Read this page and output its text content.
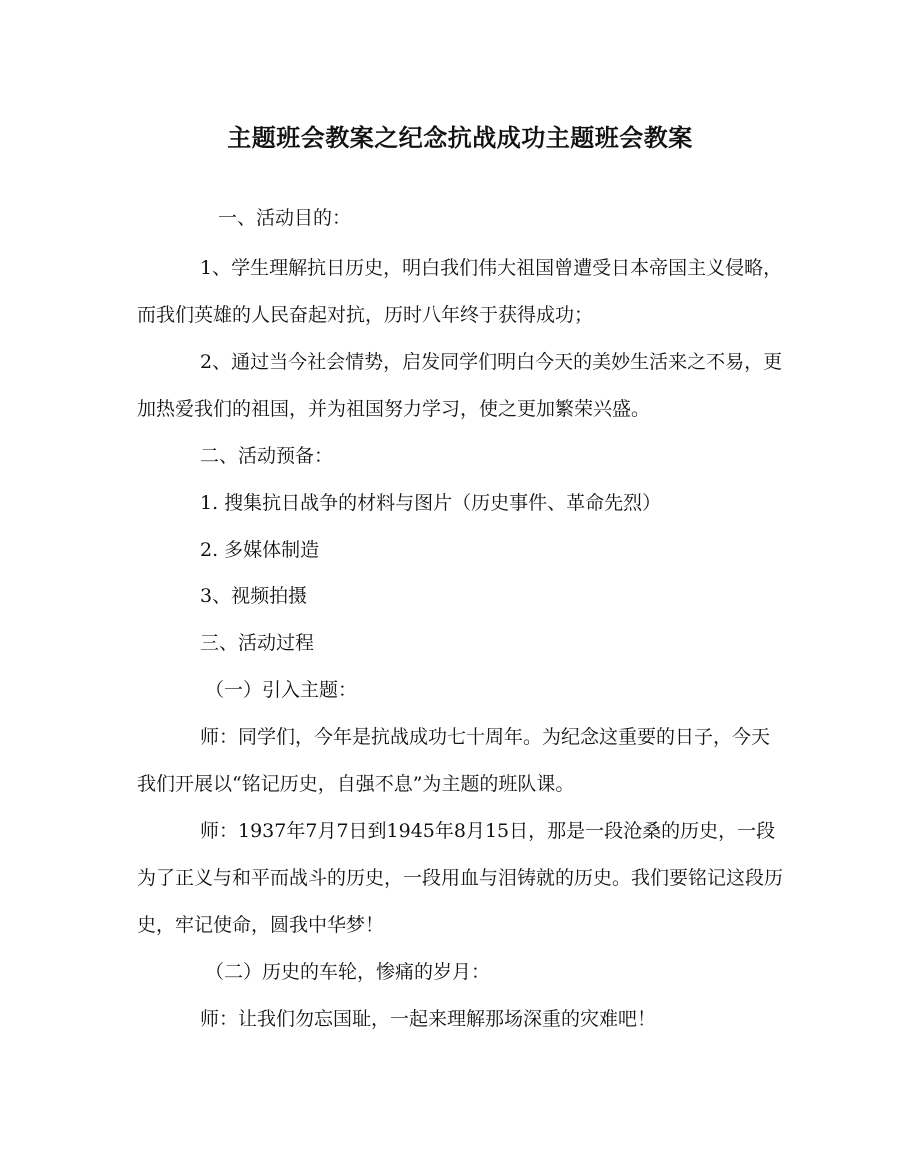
主题班会教案之纪念抗战成功主题班会教案

一、活动目的：

1、学生理解抗日历史，明白我们伟大祖国曾遭受日本帝国主义侵略，而我们英雄的人民奋起对抗，历时八年终于获得成功；

2、通过当今社会情势，启发同学们明白今天的美妙生活来之不易，更加热爱我们的祖国，并为祖国努力学习，使之更加繁荣兴盛。

二、活动预备：

1. 搜集抗日战争的材料与图片（历史事件、革命先烈）

2. 多媒体制造

3、视频拍摄

三、活动过程

（一）引入主题：

师：同学们，今年是抗战成功七十周年。为纪念这重要的日子，今天我们开展以“铭记历史，自强不息”为主题的班队课。

师：1937年7月7日到1945年8月15日，那是一段沧桑的历史，一段为了正义与和平而战斗的历史，一段用血与泪铸就的历史。我们要铭记这段历史，牢记使命，圆我中华梦！

（二）历史的车轮，惨痛的岁月：

师：让我们勿忘国耻，一起来理解那场深重的灾难吧！
